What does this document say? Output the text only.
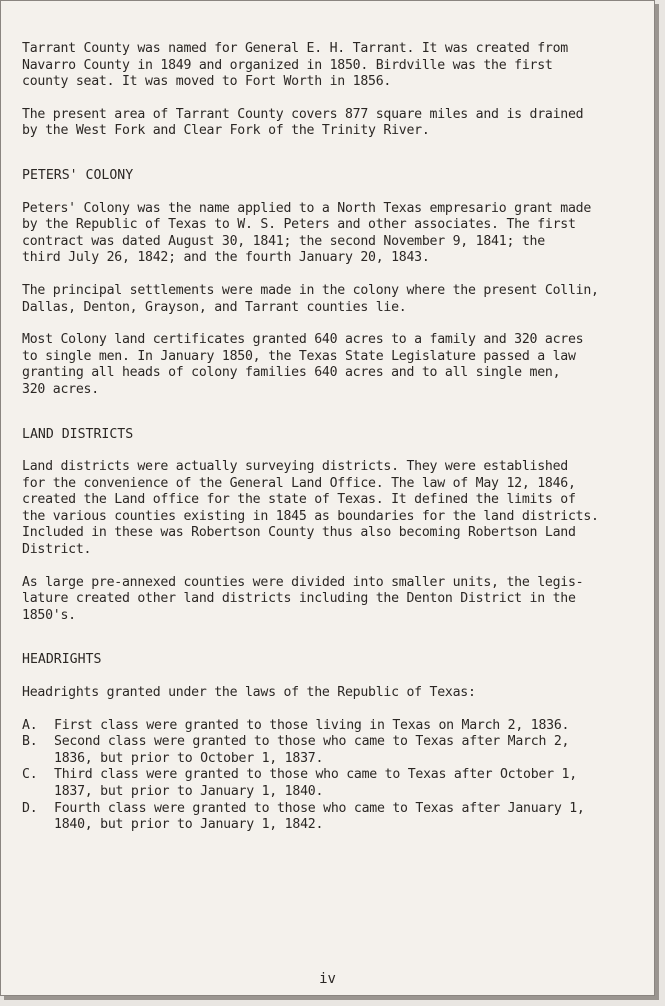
Tarrant County was named for General E. H. Tarrant. It was created from
Navarro County in 1849 and organized in 1850. Birdville was the first
county seat. It was moved to Fort Worth in 1856.

The present area of Tarrant County covers 877 square miles and is drained
by the West Fork and Clear Fork of the Trinity River.

PETERS' COLONY

Peters' Colony was the name applied to a North Texas empresario grant made
by the Republic of Texas to W. S. Peters and other associates. The first
contract was dated August 30, 1841; the second November 9, 1841; the
third July 26, 1842; and the fourth January 20, 1843.

The principal settlements were made in the colony where the present Collin,
Dallas, Denton, Grayson, and Tarrant counties lie.

Most Colony land certificates granted 640 acres to a family and 320 acres
to single men. In January 1850, the Texas State Legislature passed a law
granting all heads of colony families 640 acres and to all single men,
320 acres.

LAND DISTRICTS

Land districts were actually surveying districts. They were established
for the convenience of the General Land Office. The law of May 12, 1846,
created the Land office for the state of Texas. It defined the limits of
the various counties existing in 1845 as boundaries for the land districts.
Included in these was Robertson County thus also becoming Robertson Land
District.

As large pre-annexed counties were divided into smaller units, the legis-
lature created other land districts including the Denton District in the
1850's.

HEADRIGHTS

Headrights granted under the laws of the Republic of Texas:

A.	First class were granted to those living in Texas on March 2, 1836.
B.	Second class were granted to those who came to Texas after March 2,
1836, but prior to October 1, 1837.
C.	Third class were granted to those who came to Texas after October 1,
1837, but prior to January 1, 1840.
D.	Fourth class were granted to those who came to Texas after January 1,
1840, but prior to January 1, 1842.
iv
